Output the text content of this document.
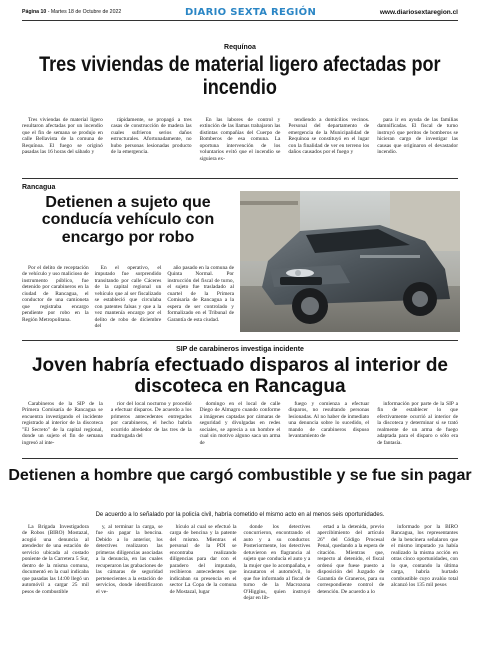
Página 10 - Martes 18 de Octubre de 2022	DIARIO SEXTA REGIÓN	www.diariosextaregion.cl
Requínoa
Tres viviendas de material ligero afectadas por incendio
Tres viviendas de material ligero resultaron afectadas por un incendio que el fin de semana se produjo en calle Bellavista de la comuna de Requínoa. El fuego se originó pasadas las 16 horas del sábado y
rápidamente, se propagó a tres casas de construcción de madera las cuales sufrieron serios daños estructurales. Afortunadamente, no hubo personas lesionadas producto de la emergencia.
En las labores de control y extinción de las llamas trabajaron las distintas compañías del Cuerpo de Bomberos de esa comuna. La oportuna intervención de los voluntarios evitó que el incendio se siguiera ex-
tendiendo a domicilios vecinos. Personal del departamento de emergencia de la Municipalidad de Requínoa se constituyó en el lugar con la finalidad de ver en terreno los daños causados por el fuego y
para ir en ayuda de las familias damnificadas. El fiscal de turno instruyó que peritos de bomberos se hicieran cargo de investigar las causas que originaron el devastador incendio.
Rancagua
Detienen a sujeto que conducía vehículo con encargo por robo
Por el delito de receptación de vehículo y uso malicioso de instrumento público, fue detenido por carabineros en la ciudad de Rancagua, el conductor de una camioneta que registraba encargo pendiente por robo en la Región Metropolitana.
En el operativo, el imputado fue sorprendido transitando por calle Cáceres de la capital regional un vehículo que al ser fiscalizado se estableció que circulaba con patentes falsas y que a la vez mantenía encargo por el delito de robo de diciembre del
año pasado en la comuna de Quinta Normal. Por instrucción del fiscal de turno, el sujeto fue trasladado al cuartel de la Primera Comisaría de Rancagua a la espera de ser controlado y formalizado en el Tribunal de Garantía de esta ciudad.
SIP de carabineros investiga incidente
Joven habría efectuado disparos al interior de discoteca en Rancagua
Carabineros de la SIP de la Primera Comisaría de Rancagua se encuentra investigando el incidente registrado al interior de la discoteca "El Secreto" de la capital regional, donde un sujeto el fin de semana ingresó al inte-
rior del local nocturno y procedió a efectuar disparos. De acuerdo a los primeros antecedentes entregados por carabineros, el hecho habría ocurrido alrededor de las tres de la madrugada del
domingo en el local de calle Diego de Almagro cuando conforme a imágenes captadas por cámaras de seguridad y divulgadas en redes sociales, se aprecia a un hombre el cual sin motivo alguno saca un arma de
fuego y comienza a efectuar disparos, no resultando personas lesionadas. Al no haber de inmediato una denuncia sobre lo sucedido, el mando de carabineros dispuso levantamiento de
información por parte de la SIP a fin de establecer lo que efectivamente ocurrió al interior de la discoteca y determinar si se trató realmente de un arma de fuego adaptada para el disparo o sólo era de fantasía.
Detienen a hombre que cargó combustible y se fue sin pagar
De acuerdo a lo señalado por la policía civil, habría cometido el mismo acto en al menos seis oportunidades.
La Brigada Investigadora de Robos (BIRO) Mostazal, acogió una denuncia al atendedor de una estación de servicio ubicada al costado poniente de la Carretera 5 Sur, dentro de la misma comuna, documentó en la cual indicaba que pasadas las 14:00 llegó un automóvil a cargar 25 mil pesos de combustible
y, al terminar la carga, se fue sin pagar la bencina. Debido a lo anterior, los detectives realizaron las primeras diligencias asociadas a la denuncia, en las cuales recuperaron las grabaciones de las cámaras de seguridad pertenecientes a la estación de servicios, donde identificaron el ve-
hículo al cual se efectuó la carga de bencina y la patente del mismo. Mientras el personal de la PDI se encontraba realizando diligencias para dar con el paradero del imputado, recibieron antecedentes que indicaban su presencia en el sector La Copa de la comuna de Mostazal, lugar
donde los detectives concurrieron, encontrando el auto y a su conductor. Posteriormente, los detectives detuvieron en flagrancia al sujeto que conducía el auto y a la mujer que lo acompañaba, e incautaron el automóvil, lo que fue informado al fiscal de turno de la Macrozona O'Higgins, quien instruyó dejar en lib-
ertad a la detenida, previo apercibimiento del artículo 26° del Código Procesal Penal, quedando a la espera de citación. Mientras que, respecto al detenido, el fiscal ordenó que fuese puesto a disposición del Juzgado de Garantía de Graneros, para su correspondiente control de detención. De acuerdo a lo
informado por la BIRO Rancagua, los representantes de la bencinera señalaron que el mismo imputado ya había realizado la misma acción en otras cinco oportunidades, con lo que, contando la última carga, habría hurtado combustible cuyo avalúo total alcanzó los 135 mil pesos
